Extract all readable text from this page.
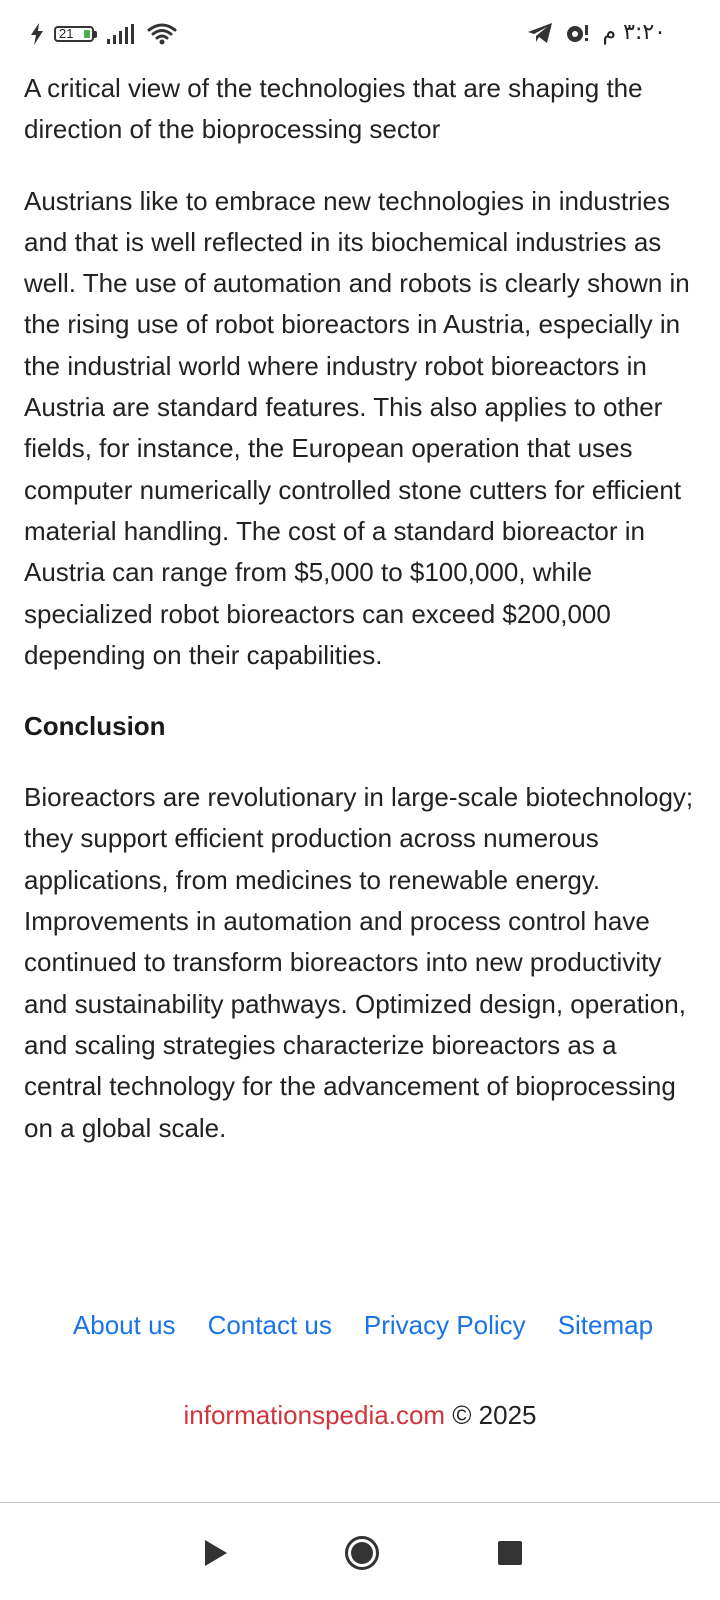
21	٣:٢٠ م

A critical view of the technologies that are shaping the direction of the bioprocessing sector

Austrians like to embrace new technologies in industries and that is well reflected in its biochemical industries as well. The use of automation and robots is clearly shown in the rising use of robot bioreactors in Austria, especially in the industrial world where industry robot bioreactors in Austria are standard features. This also applies to other fields, for instance, the European operation that uses computer numerically controlled stone cutters for efficient material handling. The cost of a standard bioreactor in Austria can range from $5,000 to $100,000, while specialized robot bioreactors can exceed $200,000 depending on their capabilities.

Conclusion

Bioreactors are revolutionary in large-scale biotechnology; they support efficient production across numerous applications, from medicines to renewable energy. Improvements in automation and process control have continued to transform bioreactors into new productivity and sustainability pathways. Optimized design, operation, and scaling strategies characterize bioreactors as a central technology for the advancement of bioprocessing on a global scale.

About us Contact us Privacy Policy Sitemap
informationspedia.com © 2025
